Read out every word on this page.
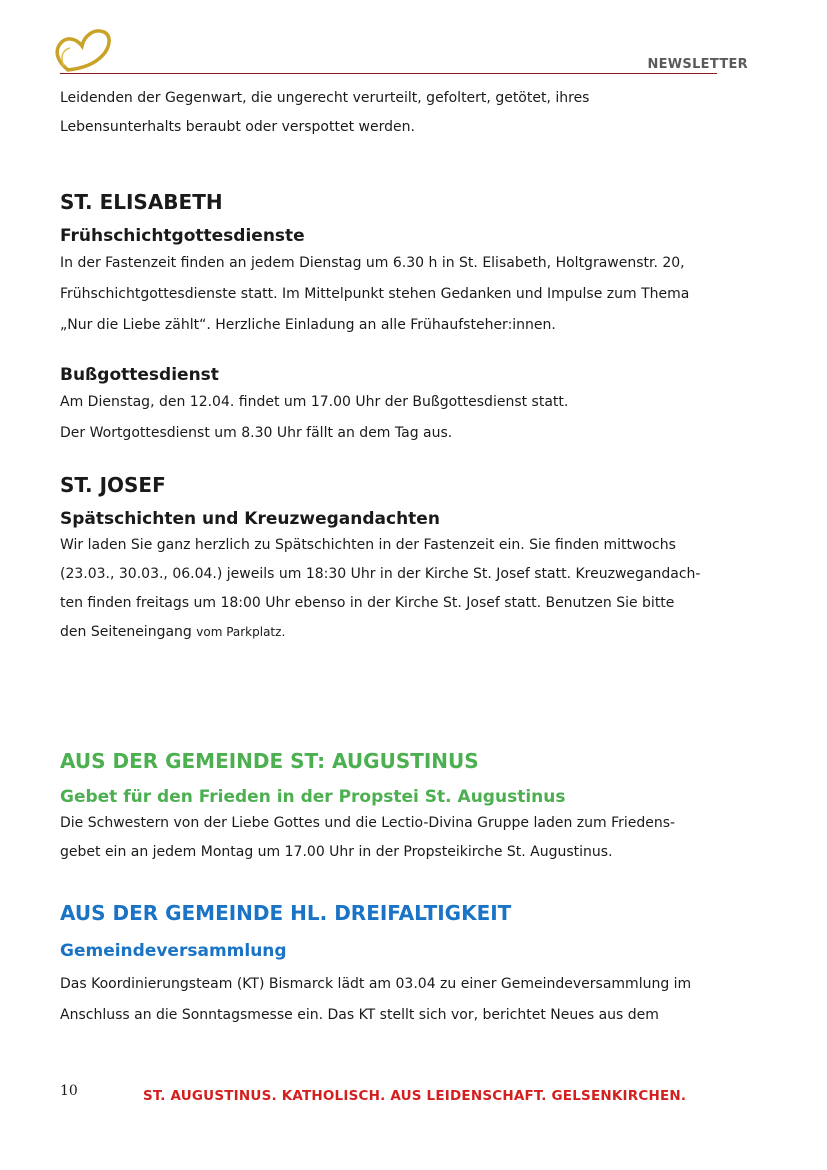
NEWSLETTER

Leidenden der Gegenwart, die ungerecht verurteilt, gefoltert, getötet, ihres

Lebensunterhalts beraubt oder verspottet werden.

ST. ELISABETH
Frühschichtgottesdienste

In der Fastenzeit finden an jedem Dienstag um 6.30 h in St. Elisabeth, Holtgrawenstr. 20,

Frühschichtgottesdienste statt. Im Mittelpunkt stehen Gedanken und Impulse zum Thema

„Nur die Liebe zählt“. Herzliche Einladung an alle Frühaufsteher:innen.

Bußgottesdienst

Am Dienstag, den 12.04. findet um 17.00 Uhr der Bußgottesdienst statt.

Der Wortgottesdienst um 8.30 Uhr fällt an dem Tag aus.

ST. JOSEF
Spätschichten und Kreuzwegandachten

Wir laden Sie ganz herzlich zu Spätschichten in der Fastenzeit ein. Sie finden mittwochs

(23.03., 30.03., 06.04.) jeweils um 18:30 Uhr in der Kirche St. Josef statt. Kreuzwegandach-

ten finden freitags um 18:00 Uhr ebenso in der Kirche St. Josef statt. Benutzen Sie bitte

den Seiteneingang vom Parkplatz.

AUS DER GEMEINDE ST: AUGUSTINUS
Gebet für den Frieden in der Propstei St. Augustinus

Die Schwestern von der Liebe Gottes und die Lectio-Divina Gruppe laden zum Friedens-

gebet ein an jedem Montag um 17.00 Uhr in der Propsteikirche St. Augustinus.

AUS DER GEMEINDE HL. DREIFALTIGKEIT
Gemeindeversammlung

Das Koordinierungsteam (KT) Bismarck lädt am 03.04 zu einer Gemeindeversammlung im

Anschluss an die Sonntagsmesse ein. Das KT stellt sich vor, berichtet Neues aus dem

10	ST. AUGUSTINUS. KATHOLISCH. AUS LEIDENSCHAFT. GELSENKIRCHEN.
